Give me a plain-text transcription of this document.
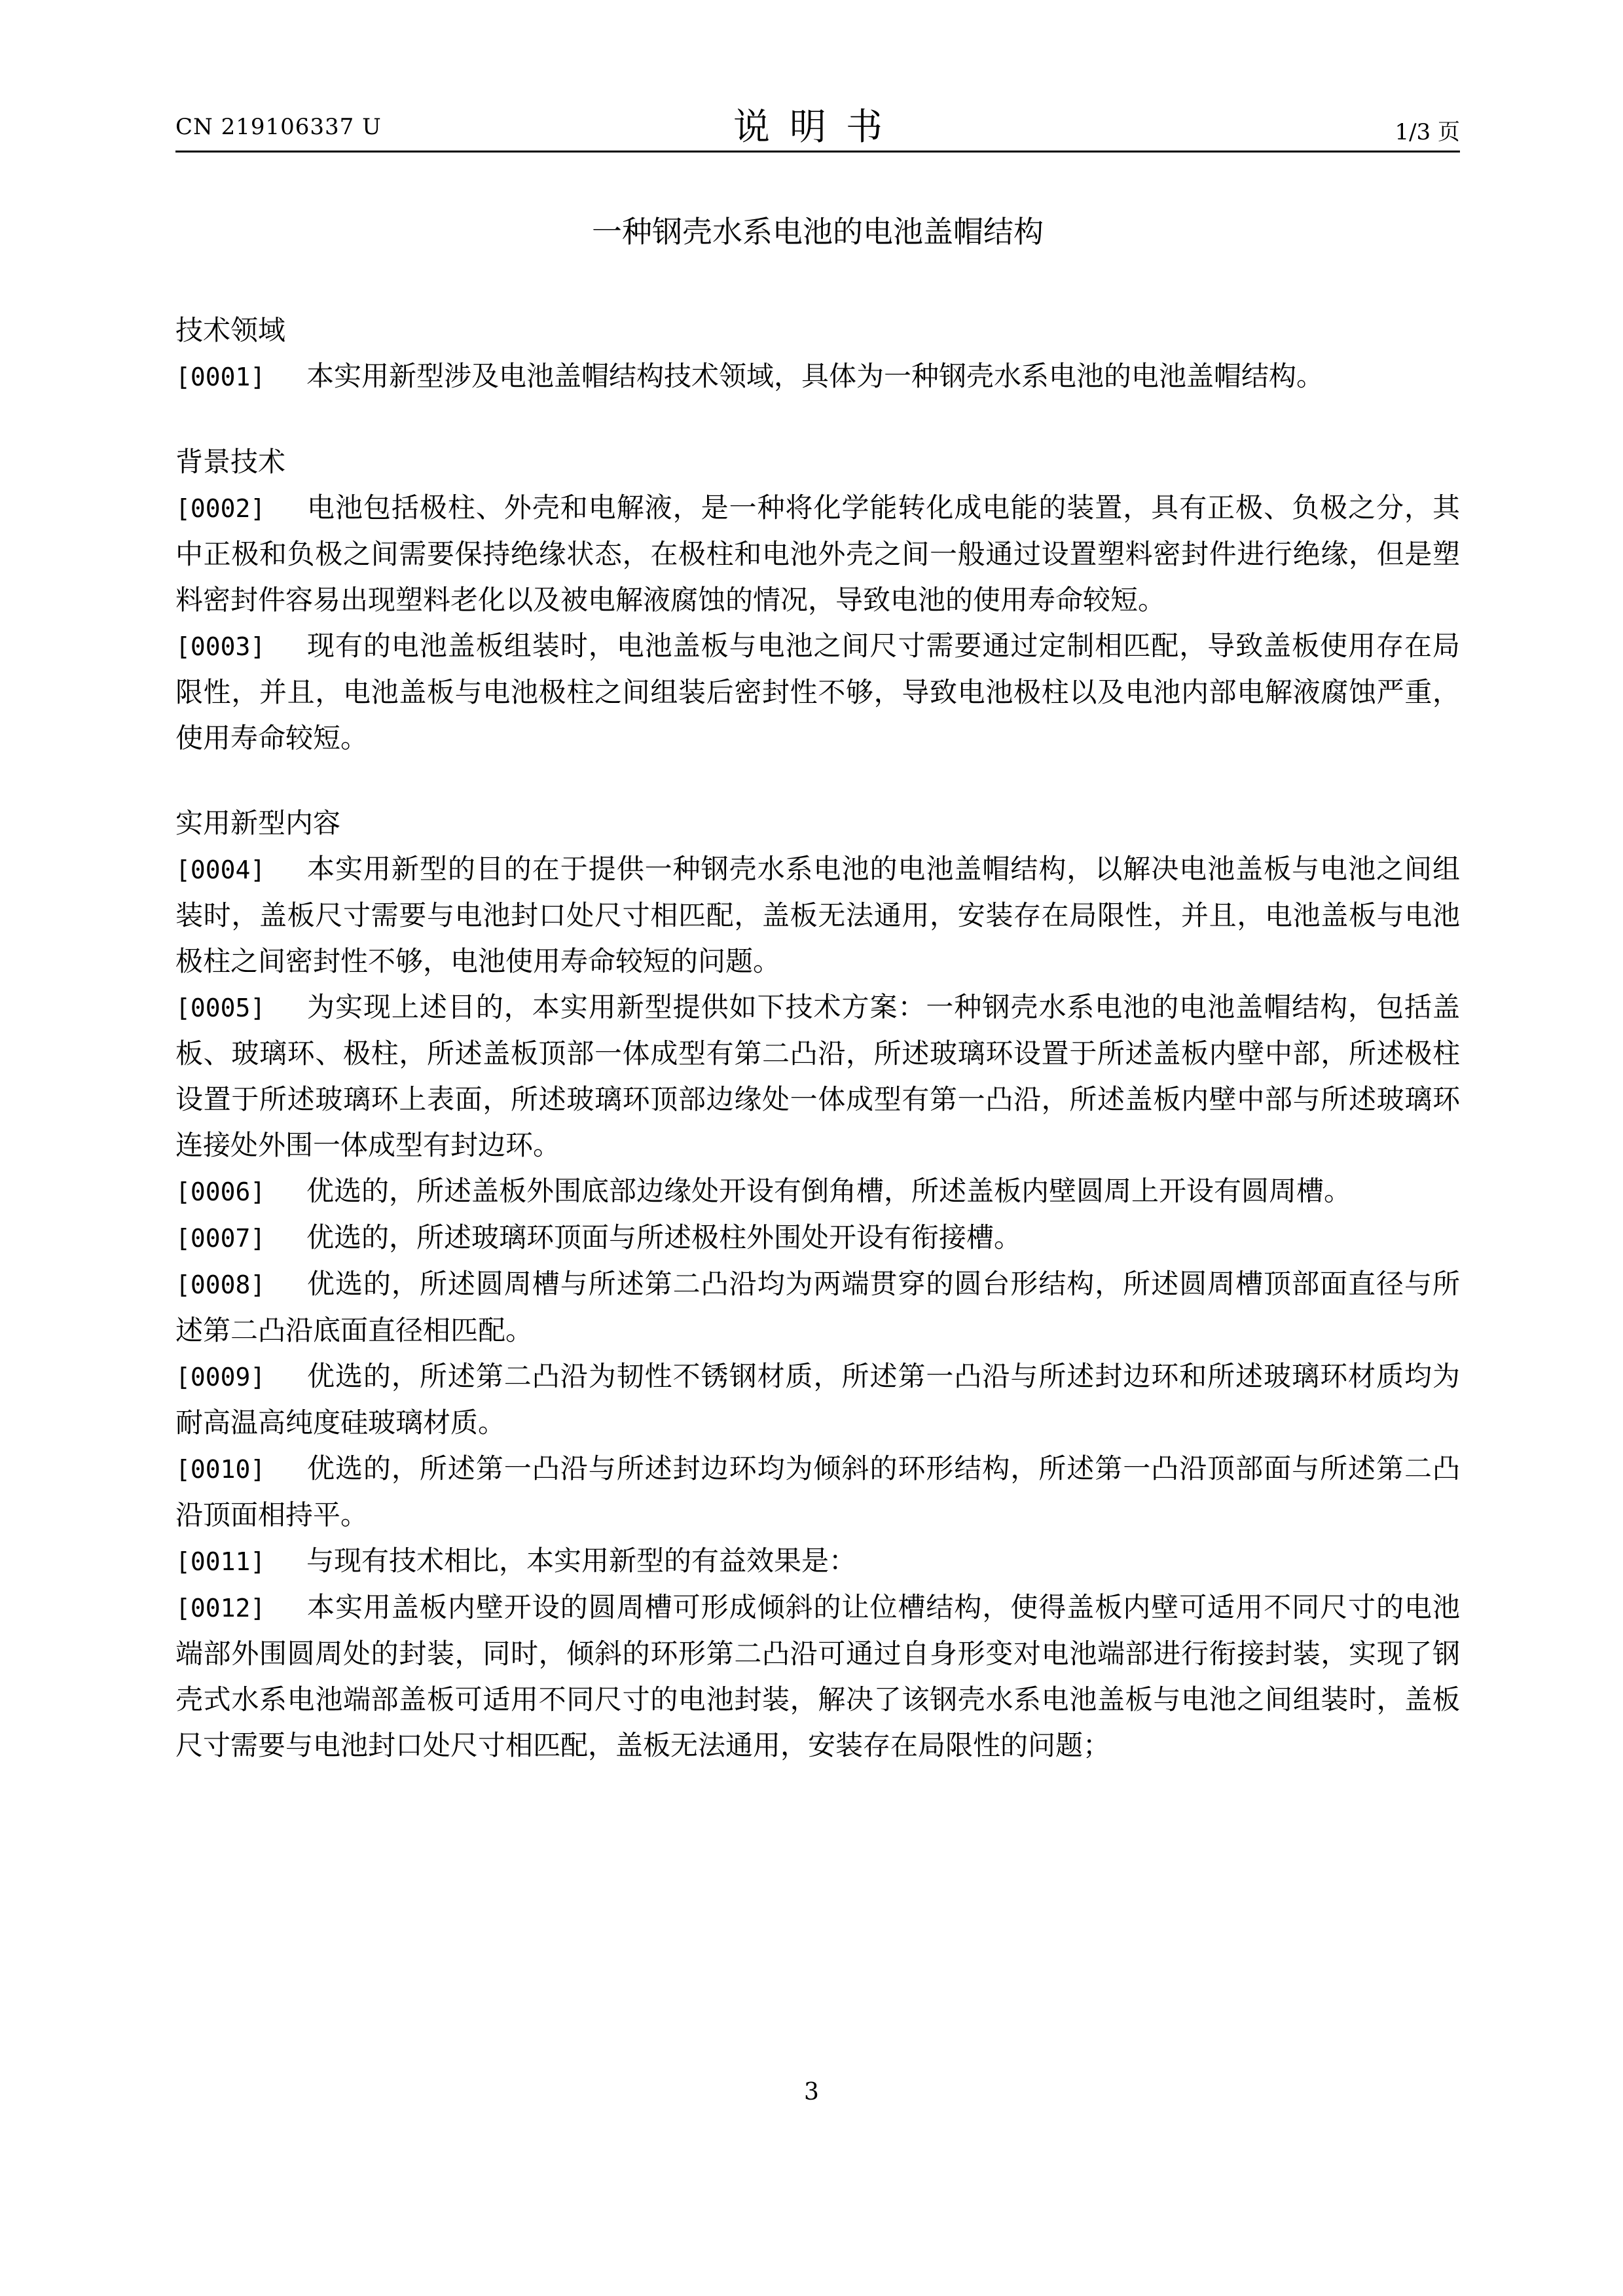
CN 219106337 U	说明书	1/3 页
一种钢壳水系电池的电池盖帽结构
技术领域

[0001] 本实用新型涉及电池盖帽结构技术领域，具体为一种钢壳水系电池的电池盖帽结构。

背景技术

[0002] 电池包括极柱、外壳和电解液，是一种将化学能转化成电能的装置，具有正极、负极之分，其中正极和负极之间需要保持绝缘状态，在极柱和电池外壳之间一般通过设置塑料密封件进行绝缘，但是塑料密封件容易出现塑料老化以及被电解液腐蚀的情况，导致电池的使用寿命较短。

[0003] 现有的电池盖板组装时，电池盖板与电池之间尺寸需要通过定制相匹配，导致盖板使用存在局限性，并且，电池盖板与电池极柱之间组装后密封性不够，导致电池极柱以及电池内部电解液腐蚀严重，使用寿命较短。

实用新型内容

[0004] 本实用新型的目的在于提供一种钢壳水系电池的电池盖帽结构，以解决电池盖板与电池之间组装时，盖板尺寸需要与电池封口处尺寸相匹配，盖板无法通用，安装存在局限性，并且，电池盖板与电池极柱之间密封性不够，电池使用寿命较短的问题。

[0005] 为实现上述目的，本实用新型提供如下技术方案：一种钢壳水系电池的电池盖帽结构，包括盖板、玻璃环、极柱，所述盖板顶部一体成型有第二凸沿，所述玻璃环设置于所述盖板内壁中部，所述极柱设置于所述玻璃环上表面，所述玻璃环顶部边缘处一体成型有第一凸沿，所述盖板内壁中部与所述玻璃环连接处外围一体成型有封边环。

[0006] 优选的，所述盖板外围底部边缘处开设有倒角槽，所述盖板内壁圆周上开设有圆周槽。

[0007] 优选的，所述玻璃环顶面与所述极柱外围处开设有衔接槽。

[0008] 优选的，所述圆周槽与所述第二凸沿均为两端贯穿的圆台形结构，所述圆周槽顶部面直径与所述第二凸沿底面直径相匹配。

[0009] 优选的，所述第二凸沿为韧性不锈钢材质，所述第一凸沿与所述封边环和所述玻璃环材质均为耐高温高纯度硅玻璃材质。

[0010] 优选的，所述第一凸沿与所述封边环均为倾斜的环形结构，所述第一凸沿顶部面与所述第二凸沿顶面相持平。

[0011] 与现有技术相比，本实用新型的有益效果是：

[0012] 本实用盖板内壁开设的圆周槽可形成倾斜的让位槽结构，使得盖板内壁可适用不同尺寸的电池端部外围圆周处的封装，同时，倾斜的环形第二凸沿可通过自身形变对电池端部进行衔接封装，实现了钢壳式水系电池端部盖板可适用不同尺寸的电池封装，解决了该钢壳水系电池盖板与电池之间组装时，盖板尺寸需要与电池封口处尺寸相匹配，盖板无法通用，安装存在局限性的问题；

3
